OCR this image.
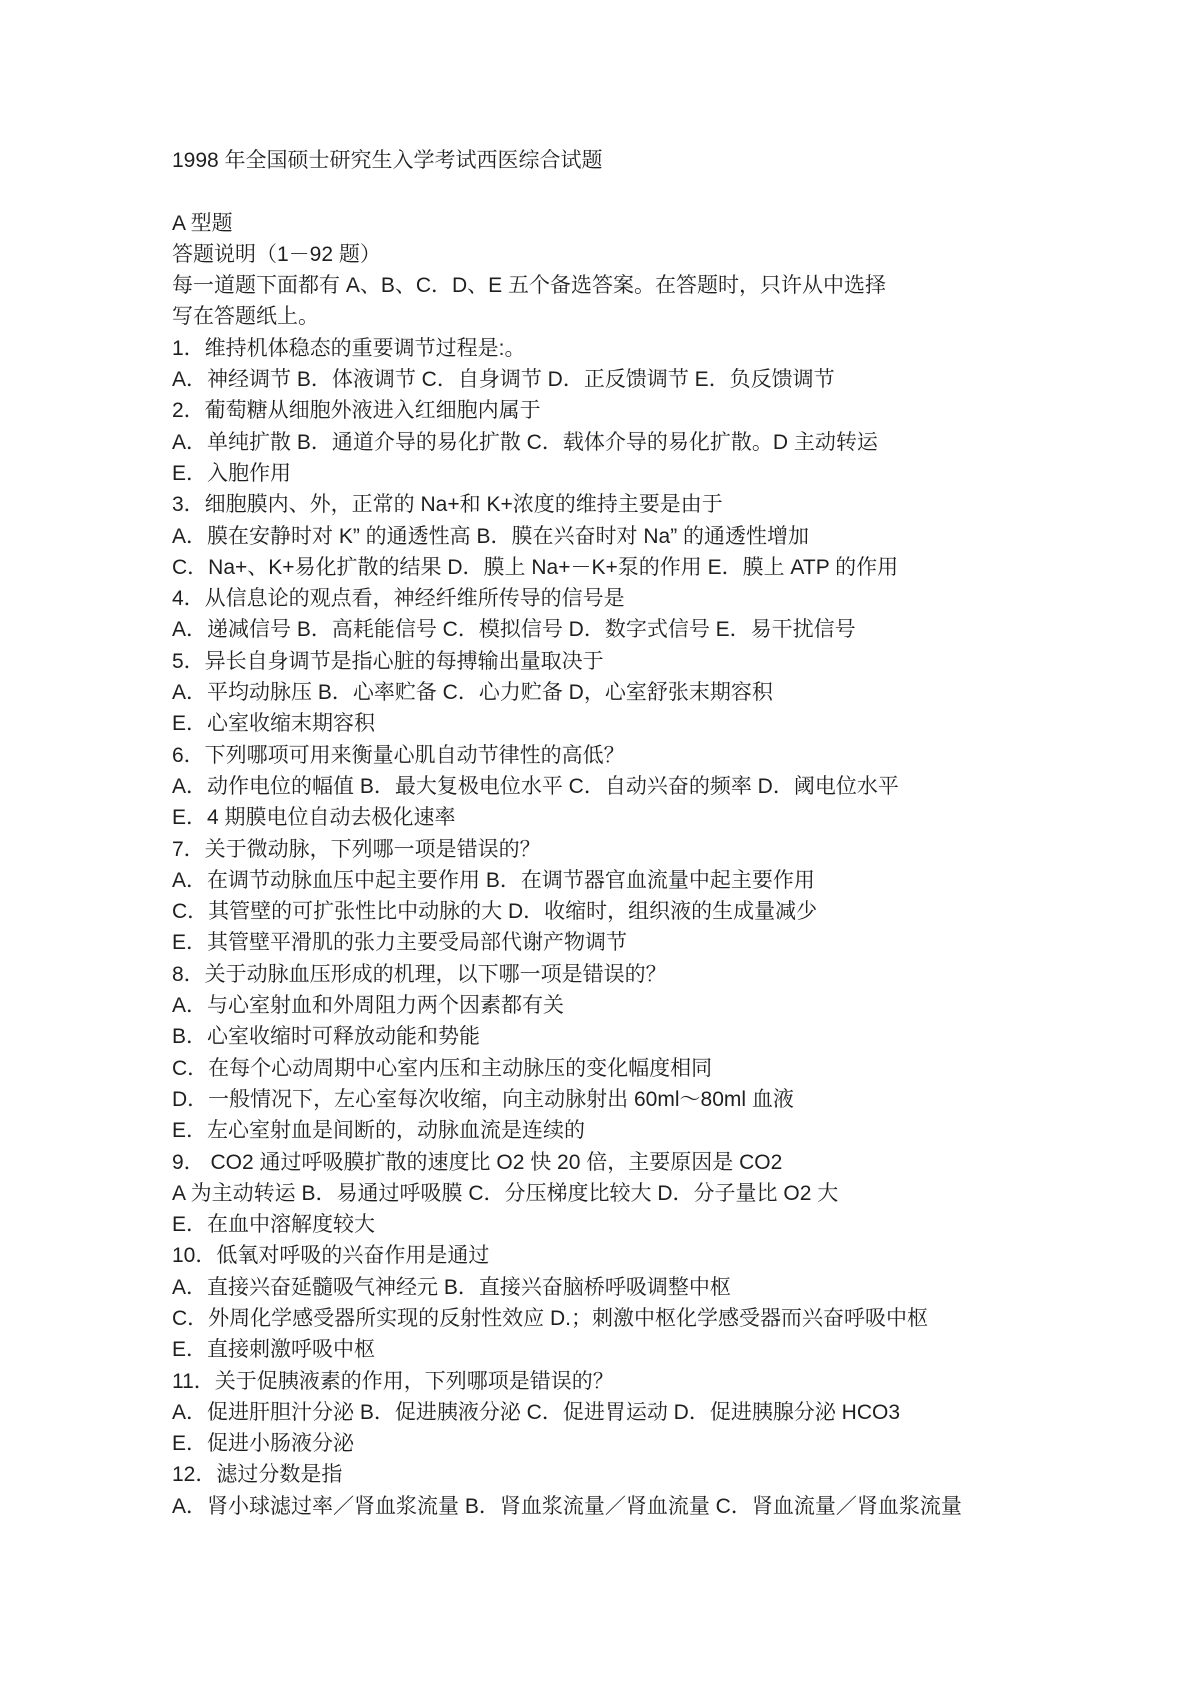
1998 年全国硕士研究生入学考试西医综合试题
A 型题
答题说明（1－92 题）
每一道题下面都有 A、B、C．D、E 五个备选答案。在答题时，只许从中选择
写在答题纸上。
1．维持机体稳态的重要调节过程是:。
A．神经调节 B．体液调节 C．自身调节 D．正反馈调节 E．负反馈调节
2．葡萄糖从细胞外液进入红细胞内属于
A．单纯扩散 B．通道介导的易化扩散 C．载体介导的易化扩散。D 主动转运
E．入胞作用
3．细胞膜内、外，正常的 Na+和 K+浓度的维持主要是由于
A．膜在安静时对 K” 的通透性高 B．膜在兴奋时对 Na” 的通透性增加
C．Na+、K+易化扩散的结果 D．膜上 Na+－K+泵的作用 E．膜上 ATP 的作用
4．从信息论的观点看，神经纤维所传导的信号是
A．递减信号 B．高耗能信号 C．模拟信号 D．数字式信号 E．易干扰信号
5．异长自身调节是指心脏的每搏输出量取决于
A．平均动脉压 B．心率贮备 C．心力贮备 D，心室舒张末期容积
E．心室收缩末期容积
6．下列哪项可用来衡量心肌自动节律性的高低？
A．动作电位的幅值 B．最大复极电位水平 C．自动兴奋的频率 D．阈电位水平
E．4 期膜电位自动去极化速率
7．关于微动脉，下列哪一项是错误的？
A．在调节动脉血压中起主要作用 B．在调节器官血流量中起主要作用
C．其管壁的可扩张性比中动脉的大 D．收缩时，组织液的生成量减少
E．其管壁平滑肌的张力主要受局部代谢产物调节
8．关于动脉血压形成的机理，以下哪一项是错误的？
A．与心室射血和外周阻力两个因素都有关
B．心室收缩时可释放动能和势能
C．在每个心动周期中心室内压和主动脉压的变化幅度相同
D．一般情况下，左心室每次收缩，向主动脉射出 60ml～80ml 血液
E．左心室射血是间断的，动脉血流是连续的
9． CO2 通过呼吸膜扩散的速度比 O2 快 20 倍，主要原因是 CO2
A 为主动转运 B．易通过呼吸膜 C．分压梯度比较大 D．分子量比 O2 大
E．在血中溶解度较大
10．低氧对呼吸的兴奋作用是通过
A．直接兴奋延髓吸气神经元 B．直接兴奋脑桥呼吸调整中枢
C．外周化学感受器所实现的反射性效应 D.；刺激中枢化学感受器而兴奋呼吸中枢
E．直接刺激呼吸中枢
11．关于促胰液素的作用，下列哪项是错误的？
A．促进肝胆汁分泌 B．促进胰液分泌 C．促进胃运动 D．促进胰腺分泌 HCO3
E．促进小肠液分泌
12．滤过分数是指
A．肾小球滤过率／肾血浆流量 B．肾血浆流量／肾血流量 C．肾血流量／肾血浆流量
